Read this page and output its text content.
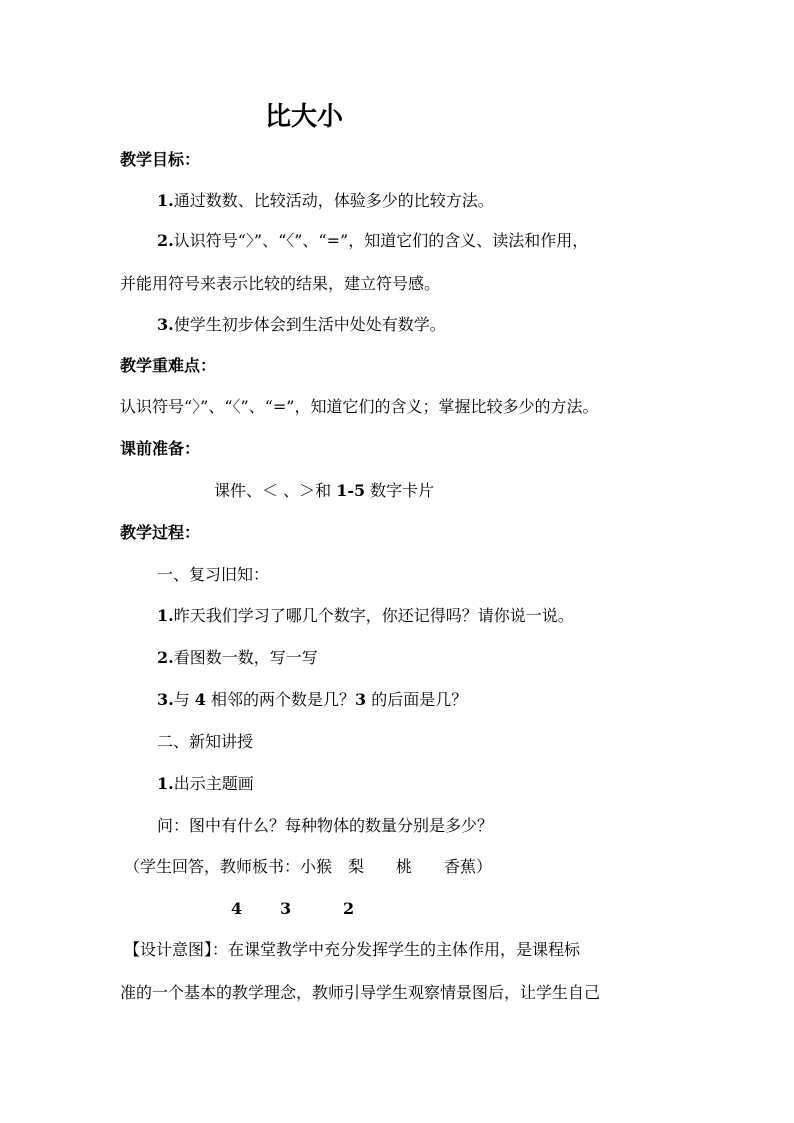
比大小
教学目标：
1.通过数数、比较活动，体验多少的比较方法。
2.认识符号“〉”、“〈”、“=”，知道它们的含义、读法和作用，
并能用符号来表示比较的结果，建立符号感。
3.使学生初步体会到生活中处处有数学。
教学重难点：
认识符号“〉”、“〈”、“=”，知道它们的含义；掌握比较多少的方法。
课前准备：
课件、＜ 、＞和 1-5 数字卡片
教学过程：
一、复习旧知：
1.昨天我们学习了哪几个数字，你还记得吗？请你说一说。
2.看图数一数，写一写
3.与 4 相邻的两个数是几？3 的后面是几？
二、新知讲授
1.出示主题画
问：图中有什么？每种物体的数量分别是多少？
（学生回答，教师板书：小猴　梨　　桃　　香蕉）
4 3	2
【设计意图】：在课堂教学中充分发挥学生的主体作用，是课程标
准的一个基本的教学理念，教师引导学生观察情景图后，让学生自己
